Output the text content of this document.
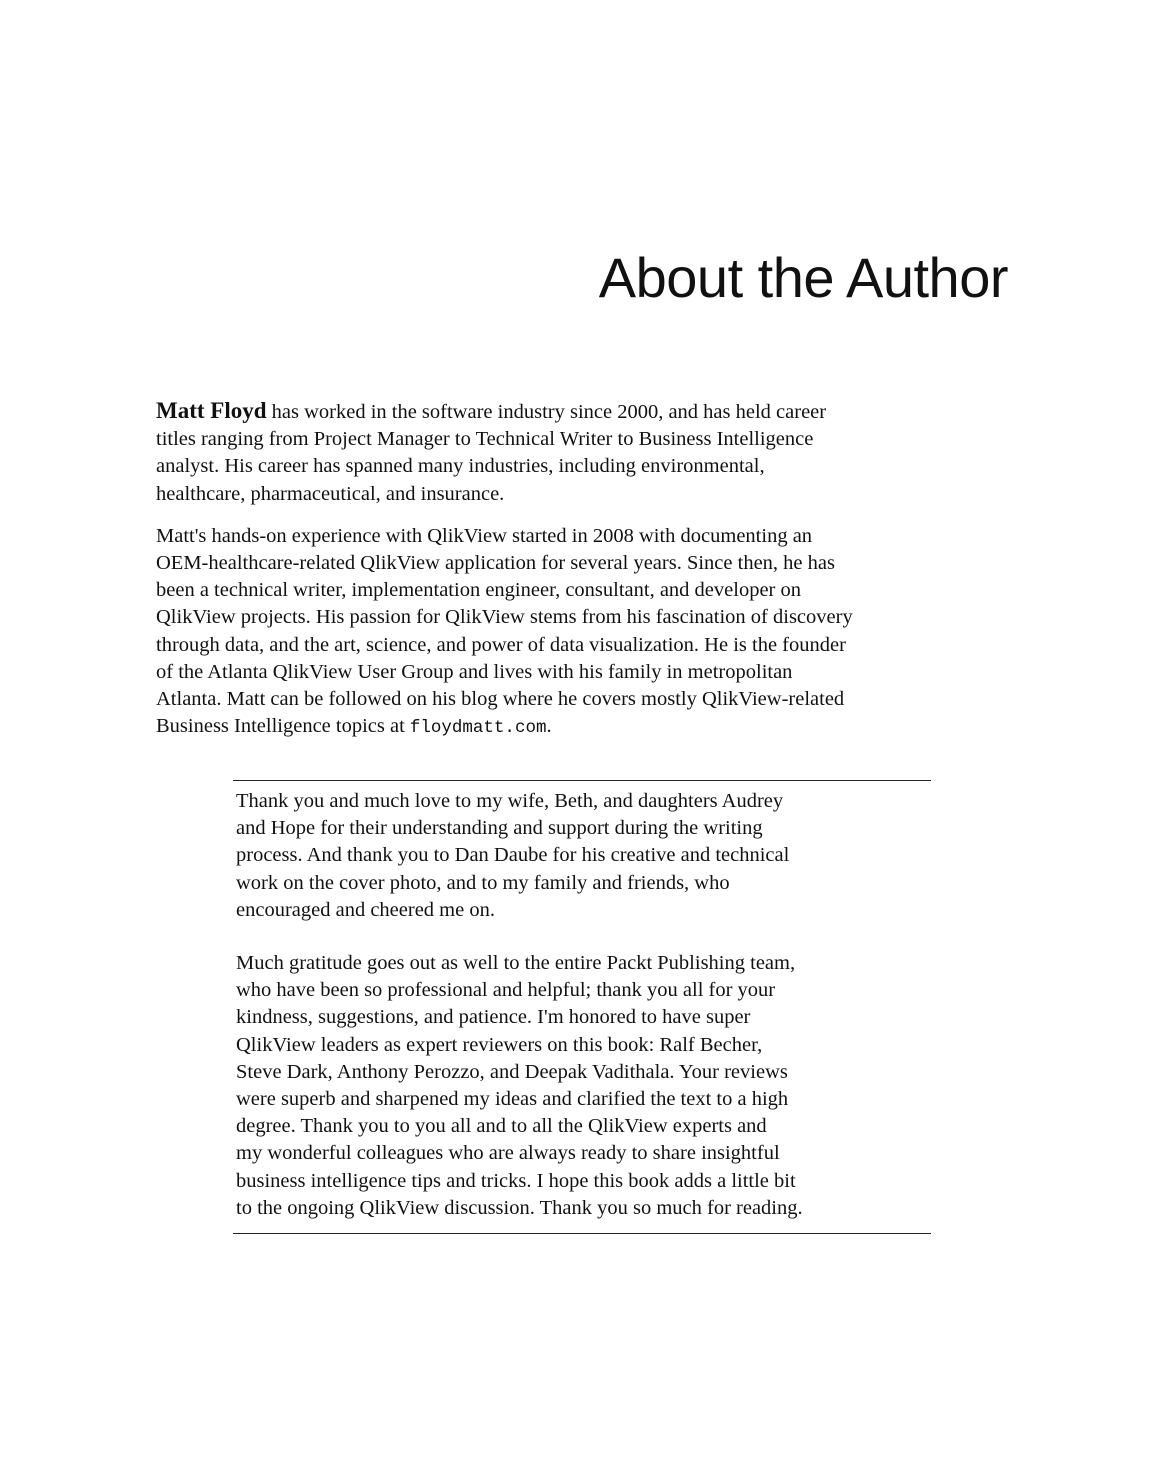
About the Author

Matt Floyd has worked in the software industry since 2000, and has held career
titles ranging from Project Manager to Technical Writer to Business Intelligence
analyst. His career has spanned many industries, including environmental,
healthcare, pharmaceutical, and insurance.

Matt's hands-on experience with QlikView started in 2008 with documenting an
OEM-healthcare-related QlikView application for several years. Since then, he has
been a technical writer, implementation engineer, consultant, and developer on
QlikView projects. His passion for QlikView stems from his fascination of discovery
through data, and the art, science, and power of data visualization. He is the founder
of the Atlanta QlikView User Group and lives with his family in metropolitan
Atlanta. Matt can be followed on his blog where he covers mostly QlikView-related
Business Intelligence topics at floydmatt.com.

Thank you and much love to my wife, Beth, and daughters Audrey
and Hope for their understanding and support during the writing
process. And thank you to Dan Daube for his creative and technical
work on the cover photo, and to my family and friends, who
encouraged and cheered me on.

Much gratitude goes out as well to the entire Packt Publishing team,
who have been so professional and helpful; thank you all for your
kindness, suggestions, and patience. I'm honored to have super
QlikView leaders as expert reviewers on this book: Ralf Becher,
Steve Dark, Anthony Perozzo, and Deepak Vadithala. Your reviews
were superb and sharpened my ideas and clarified the text to a high
degree. Thank you to you all and to all the QlikView experts and
my wonderful colleagues who are always ready to share insightful
business intelligence tips and tricks. I hope this book adds a little bit
to the ongoing QlikView discussion. Thank you so much for reading.
